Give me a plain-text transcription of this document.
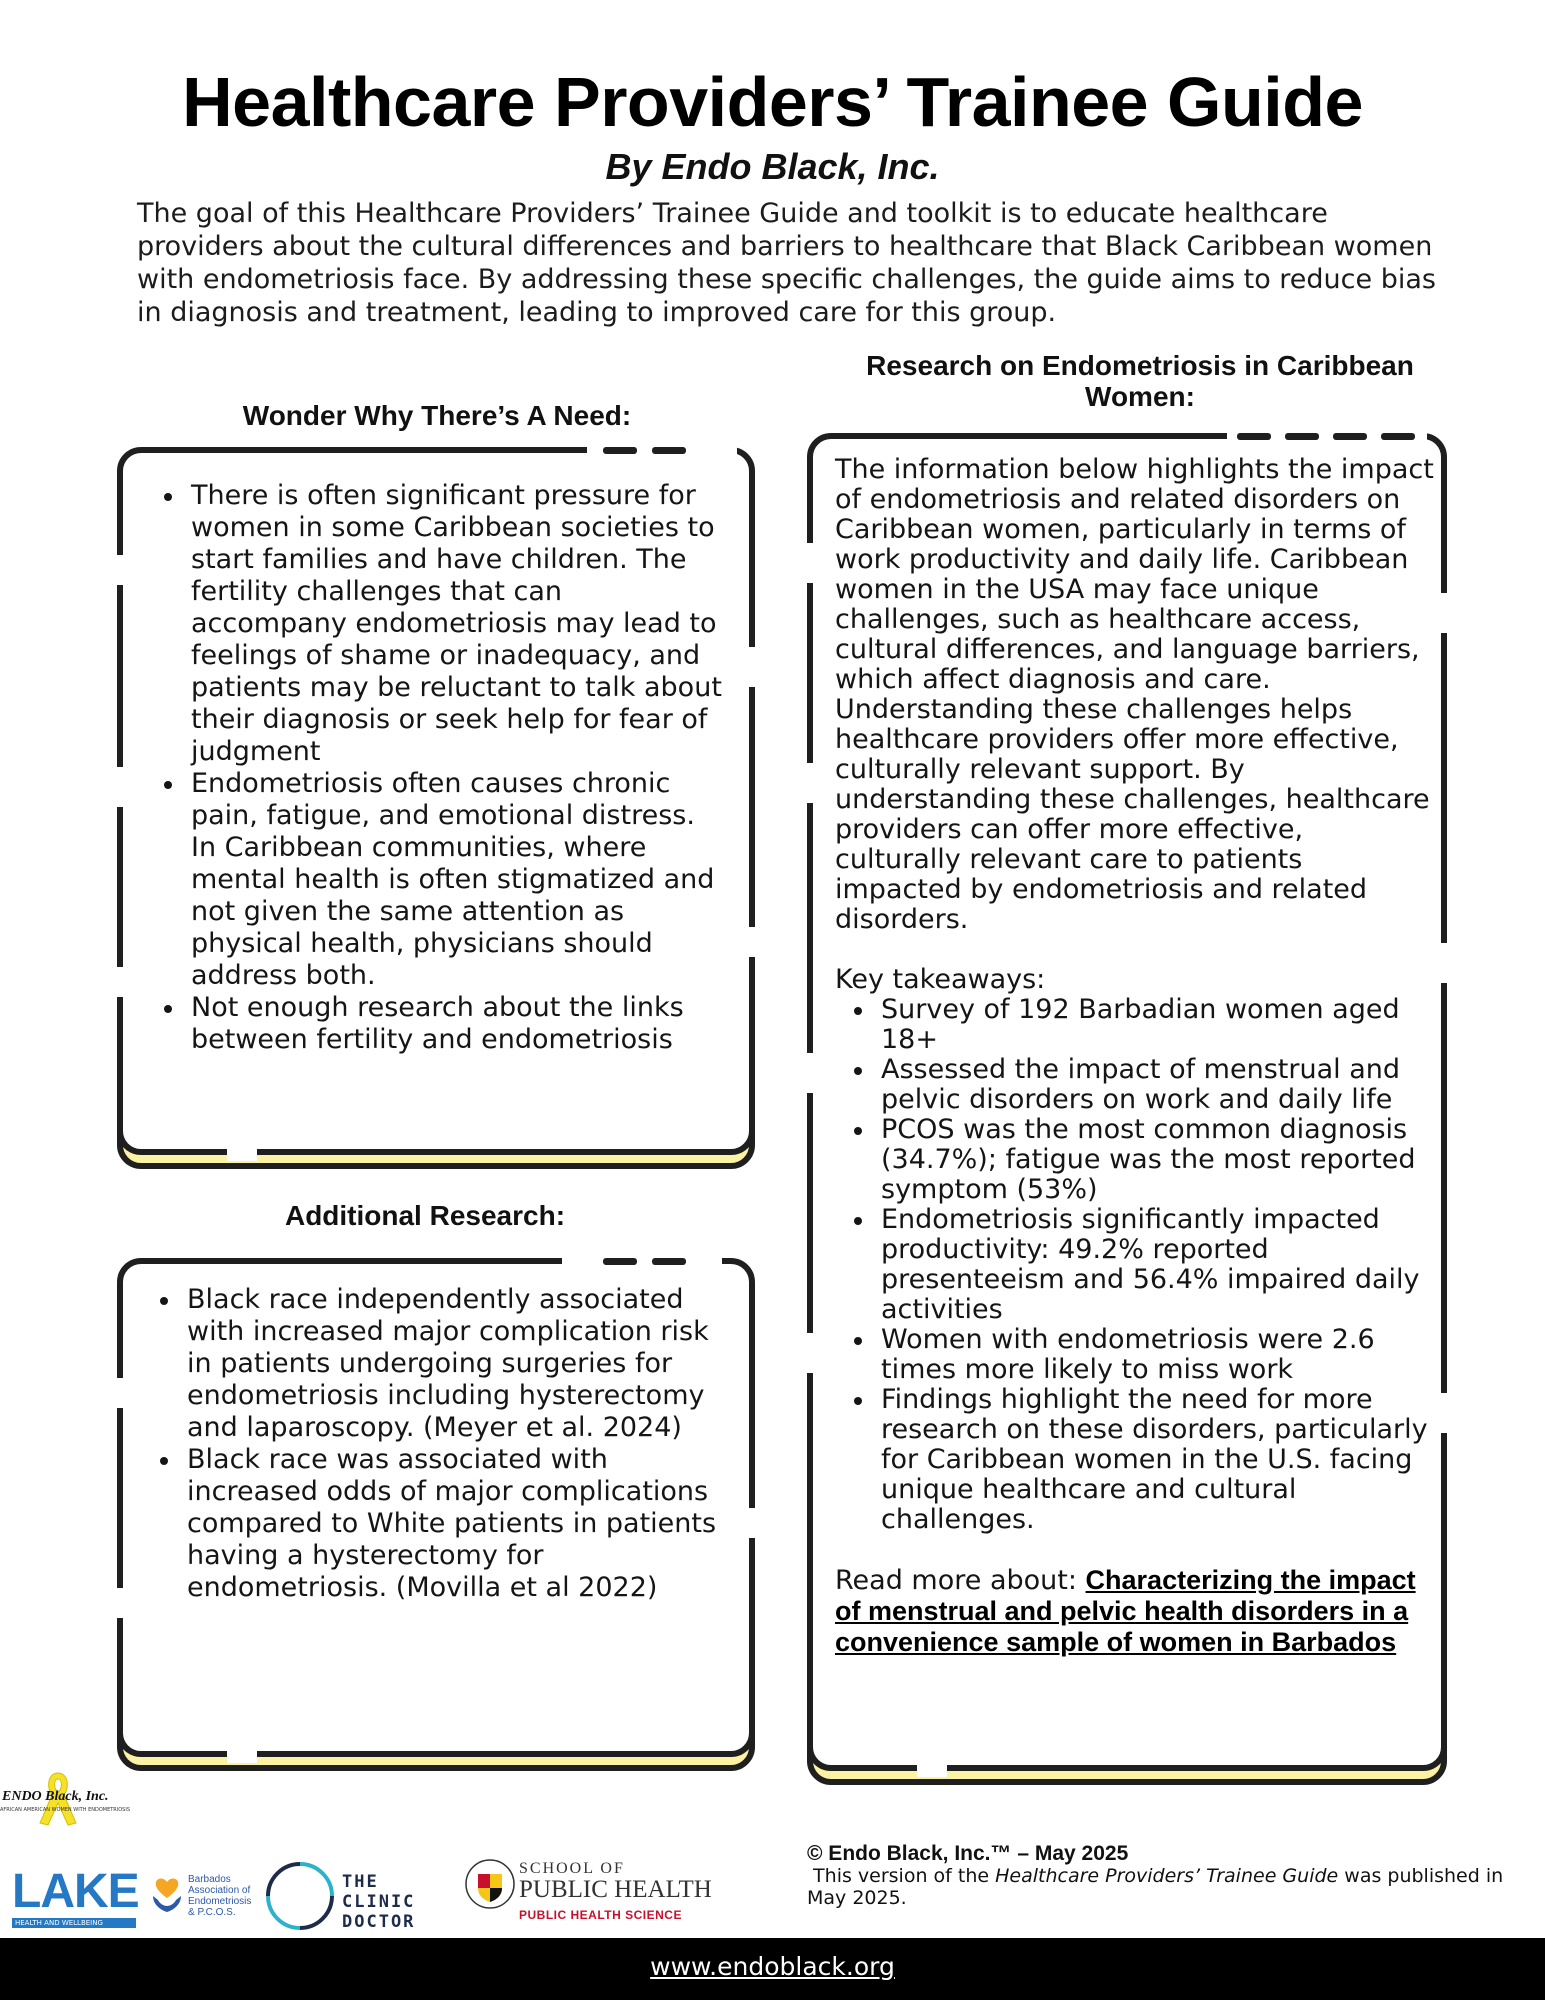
Healthcare Providers’ Trainee Guide
By Endo Black, Inc.

The goal of this Healthcare Providers’ Trainee Guide and toolkit is to educate healthcare providers about the cultural differences and barriers to healthcare that Black Caribbean women with endometriosis face. By addressing these specific challenges, the guide aims to reduce bias in diagnosis and treatment, leading to improved care for this group.

Wonder Why There’s A Need:
There is often significant pressure for women in some Caribbean societies to start families and have children. The fertility challenges that can accompany endometriosis may lead to feelings of shame or inadequacy, and patients may be reluctant to talk about their diagnosis or seek help for fear of judgment
Endometriosis often causes chronic pain, fatigue, and emotional distress. In Caribbean communities, where mental health is often stigmatized and not given the same attention as physical health, physicians should address both.
Not enough research about the links between fertility and endometriosis
Additional Research:
Black race independently associated with increased major complication risk in patients undergoing surgeries for endometriosis including hysterectomy and laparoscopy. (Meyer et al. 2024)
Black race was associated with increased odds of major complications compared to White patients in patients having a hysterectomy for endometriosis. (Movilla et al 2022)
Research on Endometriosis in Caribbean Women:

The information below highlights the impact of endometriosis and related disorders on Caribbean women, particularly in terms of work productivity and daily life. Caribbean women in the USA may face unique challenges, such as healthcare access, cultural differences, and language barriers, which affect diagnosis and care. Understanding these challenges helps healthcare providers offer more effective, culturally relevant support. By understanding these challenges, healthcare providers can offer more effective, culturally relevant care to patients impacted by endometriosis and related disorders.

Key takeaways:

Survey of 192 Barbadian women aged 18+
Assessed the impact of menstrual and pelvic disorders on work and daily life
PCOS was the most common diagnosis (34.7%); fatigue was the most reported symptom (53%)
Endometriosis significantly impacted productivity: 49.2% reported presenteeism and 56.4% impaired daily activities
Women with endometriosis were 2.6 times more likely to miss work
Findings highlight the need for more research on these disorders, particularly for Caribbean women in the U.S. facing unique healthcare and cultural challenges.

Read more about: Characterizing the impact of menstrual and pelvic health disorders in a convenience sample of women in Barbados

ENDO Black, Inc.
AFRICAN AMERICAN WOMEN WITH ENDOMETRIOSIS
LAKE
HEALTH AND WELLBEING
Barbados
Association of
Endometriosis
& P.C.O.S.
THE
CLINIC
DOCTOR
SCHOOL OF
PUBLIC HEALTH
PUBLIC HEALTH SCIENCE
© Endo Black, Inc.™ – May 2025
This version of the Healthcare Providers’ Trainee Guide was published in May 2025.
www.endoblack.org
